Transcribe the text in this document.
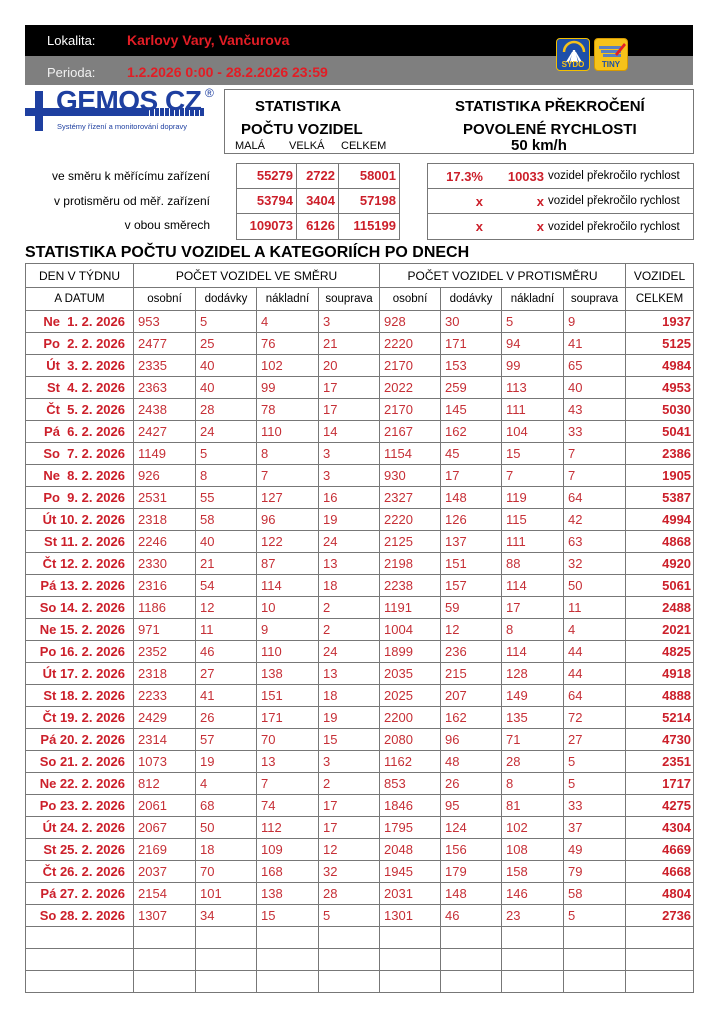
Lokalita: Karlovy Vary, Vančurova
Perioda: 1.2.2026 0:00 - 28.2.2026 23:59	SYDO	TINY
GEMOS CZ ®
Systémy řízení a monitorování dopravy
STATISTIKA
POČTU VOZIDEL
MALÁ	VELKÁ	CELKEM
STATISTIKA PŘEKROČENÍ
POVOLENÉ RYCHLOSTI
50 km/h
ve směru k měřícímu zařízení
v protisměru od měř. zařízení
v obou směrech
55279	2722	58001
53794	3404	57198
109073	6126	115199
17.3%	10033 vozidel překročilo rychlost
x	x vozidel překročilo rychlost
x	x vozidel překročilo rychlost
STATISTIKA POČTU VOZIDEL A KATEGORIÍCH PO DNECH
DEN V TÝDNU	POČET VOZIDEL VE SMĚRU				POČET VOZIDEL V PROTISMĚRU				VOZIDEL
A DATUM	osobní	dodávky	nákladní	souprava	osobní	dodávky	nákladní	souprava	CELKEM
Ne  1. 2. 2026	953	5	4	3	928	30	5	9	1937
Po  2. 2. 2026	2477	25	76	21	2220	171	94	41	5125
Út  3. 2. 2026	2335	40	102	20	2170	153	99	65	4984
St  4. 2. 2026	2363	40	99	17	2022	259	113	40	4953
Čt  5. 2. 2026	2438	28	78	17	2170	145	111	43	5030
Pá  6. 2. 2026	2427	24	110	14	2167	162	104	33	5041
So  7. 2. 2026	1149	5	8	3	1154	45	15	7	2386
Ne  8. 2. 2026	926	8	7	3	930	17	7	7	1905
Po  9. 2. 2026	2531	55	127	16	2327	148	119	64	5387
Út 10. 2. 2026	2318	58	96	19	2220	126	115	42	4994
St 11. 2. 2026	2246	40	122	24	2125	137	111	63	4868
Čt 12. 2. 2026	2330	21	87	13	2198	151	88	32	4920
Pá 13. 2. 2026	2316	54	114	18	2238	157	114	50	5061
So 14. 2. 2026	1186	12	10	2	1191	59	17	11	2488
Ne 15. 2. 2026	971	11	9	2	1004	12	8	4	2021
Po 16. 2. 2026	2352	46	110	24	1899	236	114	44	4825
Út 17. 2. 2026	2318	27	138	13	2035	215	128	44	4918
St 18. 2. 2026	2233	41	151	18	2025	207	149	64	4888
Čt 19. 2. 2026	2429	26	171	19	2200	162	135	72	5214
Pá 20. 2. 2026	2314	57	70	15	2080	96	71	27	4730
So 21. 2. 2026	1073	19	13	3	1162	48	28	5	2351
Ne 22. 2. 2026	812	4	7	2	853	26	8	5	1717
Po 23. 2. 2026	2061	68	74	17	1846	95	81	33	4275
Út 24. 2. 2026	2067	50	112	17	1795	124	102	37	4304
St 25. 2. 2026	2169	18	109	12	2048	156	108	49	4669
Čt 26. 2. 2026	2037	70	168	32	1945	179	158	79	4668
Pá 27. 2. 2026	2154	101	138	28	2031	148	146	58	4804
So 28. 2. 2026	1307	34	15	5	1301	46	23	5	2736
